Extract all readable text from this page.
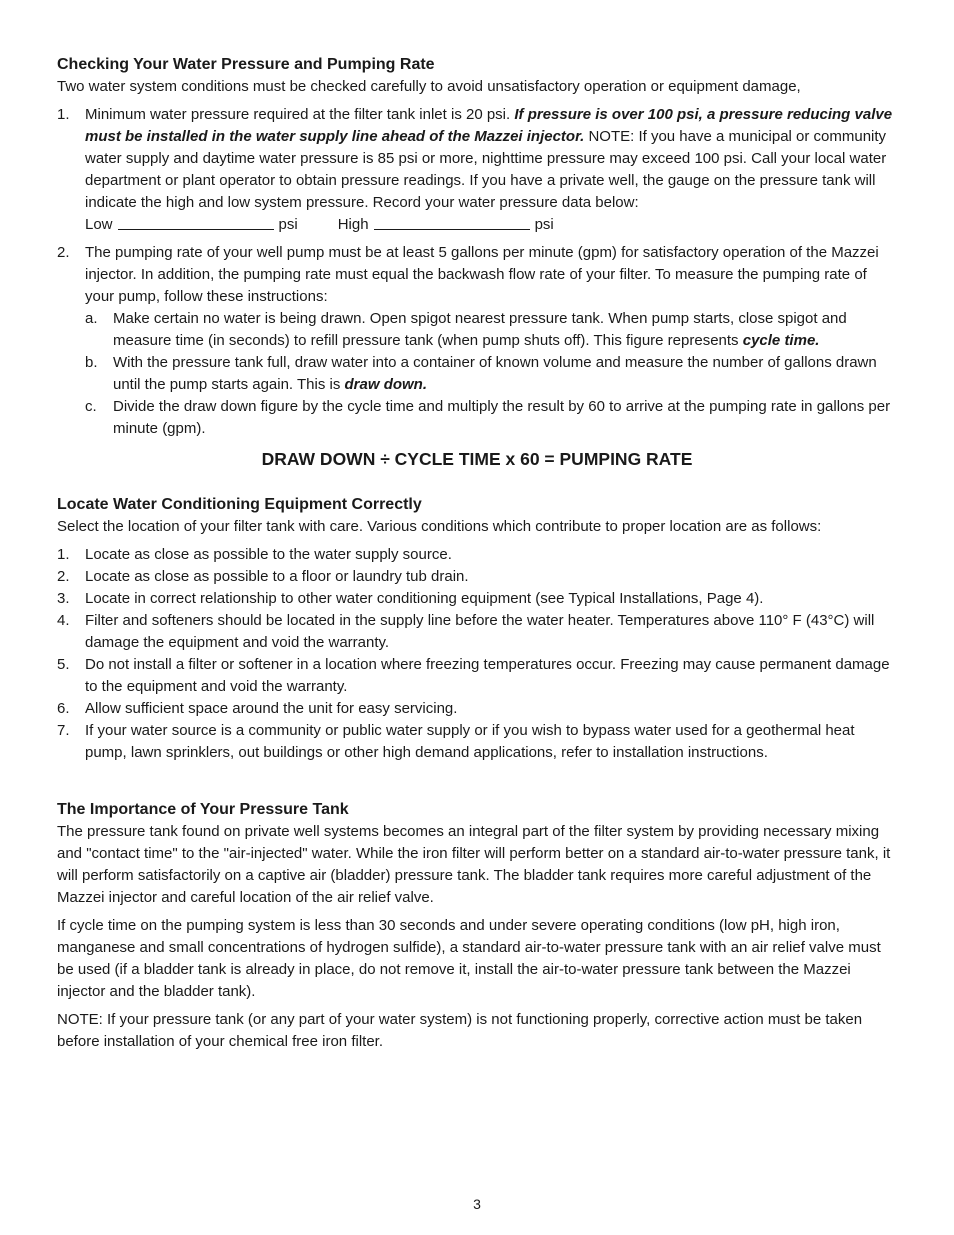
Checking Your Water Pressure and Pumping Rate

Two water system conditions must be checked carefully to avoid unsatisfactory operation or equipment damage,

1.	Minimum water pressure required at the filter tank inlet is 20 psi. If pressure is over 100 psi, a pressure reducing valve must be installed in the water supply line ahead of the Mazzei injector. NOTE: If you have a municipal or community water supply and daytime water pressure is 85 psi or more, nighttime pressure may exceed 100 psi. Call your local water department or plant operator to obtain pressure readings. If you have a private well, the gauge on the pressure tank will indicate the high and low system pressure. Record your water pressure data below:
Low	psi	High	psi
2.	The pumping rate of your well pump must be at least 5 gallons per minute (gpm) for satisfactory operation of the Mazzei injector. In addition, the pumping rate must equal the backwash flow rate of your filter. To measure the pumping rate of your pump, follow these instructions:
a.	Make certain no water is being drawn. Open spigot nearest pressure tank. When pump starts, close spigot and measure time (in seconds) to refill pressure tank (when pump shuts off). This figure represents cycle time.
b.	With the pressure tank full, draw water into a container of known volume and measure the number of gallons drawn until the pump starts again. This is draw down.
c.	Divide the draw down figure by the cycle time and multiply the result by 60 to arrive at the pumping rate in gallons per minute (gpm).

DRAW DOWN ÷ CYCLE TIME x 60 = PUMPING RATE

Locate Water Conditioning Equipment Correctly

Select the location of your filter tank with care. Various conditions which contribute to proper location are as follows:

1.	Locate as close as possible to the water supply source.
2.	Locate as close as possible to a floor or laundry tub drain.
3.	Locate in correct relationship to other water conditioning equipment (see Typical Installations, Page 4).
4.	Filter and softeners should be located in the supply line before the water heater. Temperatures above 110° F (43°C) will damage the equipment and void the warranty.
5.	Do not install a filter or softener in a location where freezing temperatures occur. Freezing may cause permanent damage to the equipment and void the warranty.
6.	Allow sufficient space around the unit for easy servicing.
7.	If your water source is a community or public water supply or if you wish to bypass water used for a geothermal heat pump, lawn sprinklers, out buildings or other high demand applications, refer to installation instructions.
The Importance of Your Pressure Tank

The pressure tank found on private well systems becomes an integral part of the filter system by providing necessary mixing and "contact time" to the "air-injected" water. While the iron filter will perform better on a standard air-to-water pressure tank, it will perform satisfactorily on a captive air (bladder) pressure tank. The bladder tank requires more careful adjustment of the Mazzei injector and careful location of the air relief valve.

If cycle time on the pumping system is less than 30 seconds and under severe operating conditions (low pH, high iron, manganese and small concentrations of hydrogen sulfide), a standard air-to-water pressure tank with an air relief valve must be used (if a bladder tank is already in place, do not remove it, install the air-to-water pressure tank between the Mazzei injector and the bladder tank).

NOTE: If your pressure tank (or any part of your water system) is not functioning properly, corrective action must be taken before installation of your chemical free iron filter.

3
